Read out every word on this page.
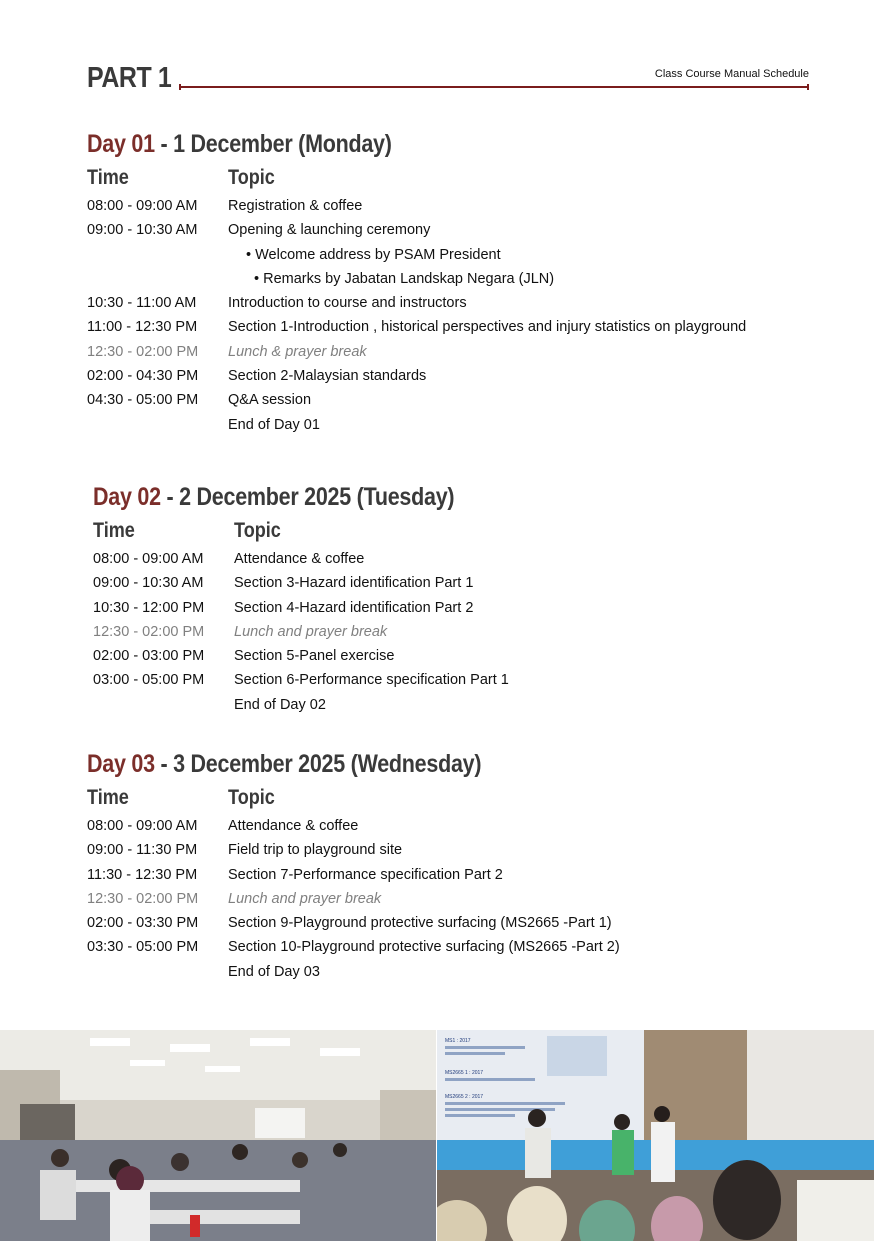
PART 1	Class Course Manual Schedule
Day 01 - 1 December (Monday)
Time	Topic
08:00 - 09:00 AM Registration & coffee
09:00 - 10:30 AM Opening & launching ceremony
• Welcome address by PSAM President
• Remarks by Jabatan Landskap Negara (JLN)
10:30 - 11:00 AM Introduction to course and instructors
11:00 - 12:30 PM Section 1-Introduction , historical perspectives and injury statistics on playground
12:30 - 02:00 PM Lunch & prayer break
02:00 - 04:30 PM Section 2-Malaysian standards
04:30 - 05:00 PM Q&A session
End of Day 01
Day 02 - 2 December 2025 (Tuesday)
Time	Topic
08:00 - 09:00 AM Attendance & coffee
09:00 - 10:30 AM Section 3-Hazard identification Part 1
10:30 - 12:00 PM Section 4-Hazard identification Part 2
12:30 - 02:00 PM Lunch and prayer break
02:00 - 03:00 PM Section 5-Panel exercise
03:00 - 05:00 PM Section 6-Performance specification Part 1
End of Day 02
Day 03 - 3 December 2025 (Wednesday)
Time	Topic
08:00 - 09:00 AM Attendance & coffee
09:00 - 11:30 PM Field trip to playground site
11:30 - 12:30 PM Section 7-Performance specification Part 2
12:30 - 02:00 PM Lunch and prayer break
02:00 - 03:30 PM Section 9-Playground protective surfacing (MS2665 -Part 1)
03:30 - 05:00 PM Section 10-Playground protective surfacing (MS2665 -Part 2)
End of Day 03
MS1 : 2017
MS2665 1 : 2017
MS2665 2 : 2017
